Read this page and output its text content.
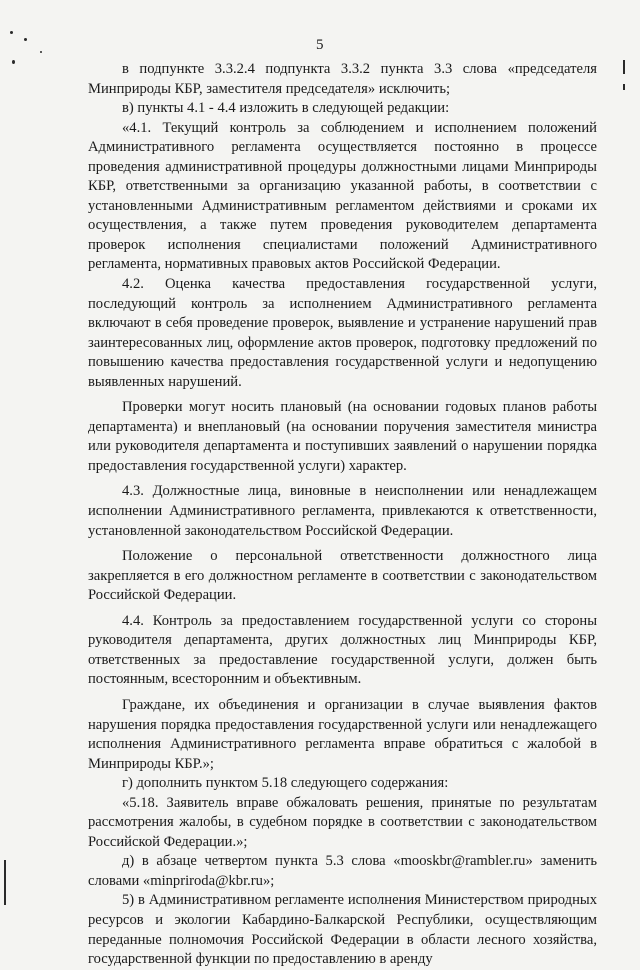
5

в подпункте 3.3.2.4 подпункта 3.3.2 пункта 3.3 слова «председателя Минприроды КБР, заместителя председателя» исключить;

в) пункты 4.1 - 4.4 изложить в следующей редакции:

«4.1. Текущий контроль за соблюдением и исполнением положений Административного регламента осуществляется постоянно в процессе проведения административной процедуры должностными лицами Минприроды КБР, ответственными за организацию указанной работы, в соответствии с установленными Административным регламентом действиями и сроками их осуществления, а также путем проведения руководителем департамента проверок исполнения специалистами положений Административного регламента, нормативных правовых актов Российской Федерации.

4.2. Оценка качества предоставления государственной услуги, последующий контроль за исполнением Административного регламента включают в себя проведение проверок, выявление и устранение нарушений прав заинтересованных лиц, оформление актов проверок, подготовку предложений по повышению качества предоставления государственной услуги и недопущению выявленных нарушений.

Проверки могут носить плановый (на основании годовых планов работы департамента) и внеплановый (на основании поручения заместителя министра или руководителя департамента и поступивших заявлений о нарушении порядка предоставления государственной услуги) характер.

4.3. Должностные лица, виновные в неисполнении или ненадлежащем исполнении Административного регламента, привлекаются к ответственности, установленной законодательством Российской Федерации.

Положение о персональной ответственности должностного лица закрепляется в его должностном регламенте в соответствии с законодательством Российской Федерации.

4.4. Контроль за предоставлением государственной услуги со стороны руководителя департамента, других должностных лиц Минприроды КБР, ответственных за предоставление государственной услуги, должен быть постоянным, всесторонним и объективным.

Граждане, их объединения и организации в случае выявления фактов нарушения порядка предоставления государственной услуги или ненадлежащего исполнения Административного регламента вправе обратиться с жалобой в Минприроды КБР.»;

г) дополнить пунктом 5.18 следующего содержания:

«5.18. Заявитель вправе обжаловать решения, принятые по результатам рассмотрения жалобы, в судебном порядке в соответствии с законодательством Российской Федерации.»;

д) в абзаце четвертом пункта 5.3 слова «mooskbr@rambler.ru» заменить словами «minpriroda@kbr.ru»;

5) в Административном регламенте исполнения Министерством природных ресурсов и экологии Кабардино-Балкарской Республики, осуществляющим переданные полномочия Российской Федерации в области лесного хозяйства, государственной функции по предоставлению в аренду
